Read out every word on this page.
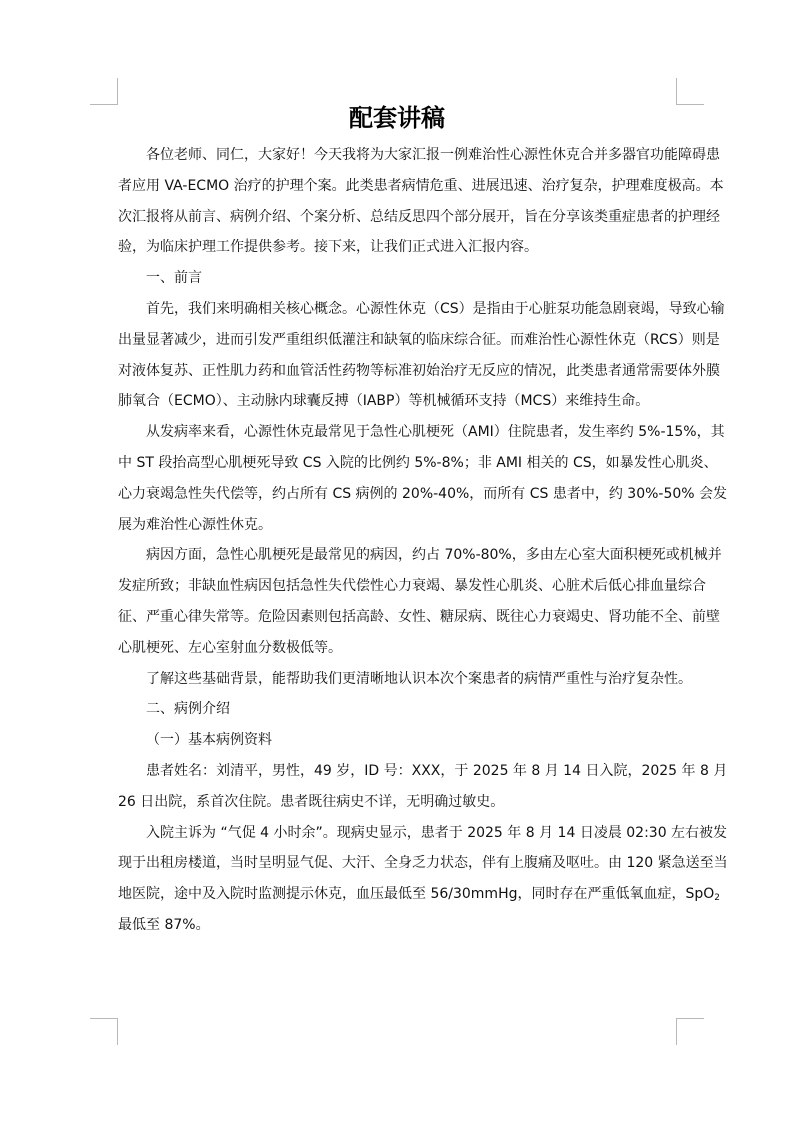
配套讲稿

各位老师、同仁，大家好！今天我将为大家汇报一例难治性心源性休克合并多器官功能障碍患者应用 VA-ECMO 治疗的护理个案。此类患者病情危重、进展迅速、治疗复杂，护理难度极高。本次汇报将从前言、病例介绍、个案分析、总结反思四个部分展开，旨在分享该类重症患者的护理经验，为临床护理工作提供参考。接下来，让我们正式进入汇报内容。

一、前言

首先，我们来明确相关核心概念。心源性休克（CS）是指由于心脏泵功能急剧衰竭，导致心输出量显著减少，进而引发严重组织低灌注和缺氧的临床综合征。而难治性心源性休克（RCS）则是对液体复苏、正性肌力药和血管活性药物等标准初始治疗无反应的情况，此类患者通常需要体外膜肺氧合（ECMO）、主动脉内球囊反搏（IABP）等机械循环支持（MCS）来维持生命。

从发病率来看，心源性休克最常见于急性心肌梗死（AMI）住院患者，发生率约 5%-15%，其中 ST 段抬高型心肌梗死导致 CS 入院的比例约 5%-8%；非 AMI 相关的 CS，如暴发性心肌炎、心力衰竭急性失代偿等，约占所有 CS 病例的 20%-40%，而所有 CS 患者中，约 30%-50% 会发展为难治性心源性休克。

病因方面，急性心肌梗死是最常见的病因，约占 70%-80%，多由左心室大面积梗死或机械并发症所致；非缺血性病因包括急性失代偿性心力衰竭、暴发性心肌炎、心脏术后低心排血量综合征、严重心律失常等。危险因素则包括高龄、女性、糖尿病、既往心力衰竭史、肾功能不全、前壁心肌梗死、左心室射血分数极低等。

了解这些基础背景，能帮助我们更清晰地认识本次个案患者的病情严重性与治疗复杂性。

二、病例介绍

（一）基本病例资料

患者姓名：刘清平，男性，49 岁，ID 号：XXX，于 2025 年 8 月 14 日入院，2025 年 8 月 26 日出院，系首次住院。患者既往病史不详，无明确过敏史。

入院主诉为 “气促 4 小时余”。现病史显示，患者于 2025 年 8 月 14 日凌晨 02:30 左右被发现于出租房楼道，当时呈明显气促、大汗、全身乏力状态，伴有上腹痛及呕吐。由 120 紧急送至当地医院，途中及入院时监测提示休克，血压最低至 56/30mmHg，同时存在严重低氧血症，SpO$_2$最低至 87%。
